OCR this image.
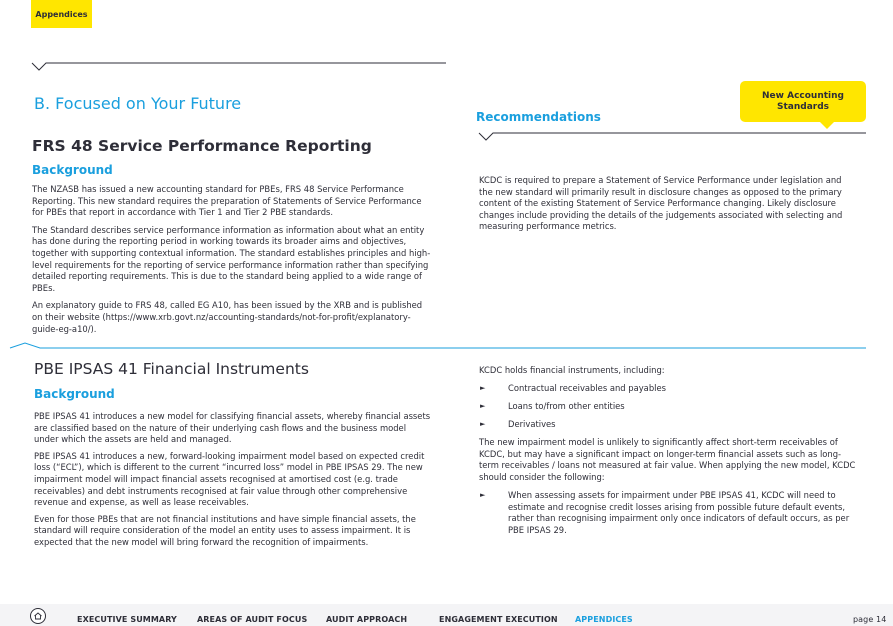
Appendices
B. Focused on Your Future
FRS 48 Service Performance Reporting
Background

The NZASB has issued a new accounting standard for PBEs, FRS 48 Service Performance Reporting. This new standard requires the preparation of Statements of Service Performance for PBEs that report in accordance with Tier 1 and Tier 2 PBE standards.

The Standard describes service performance information as information about what an entity has done during the reporting period in working towards its broader aims and objectives, together with supporting contextual information. The standard establishes principles and high-level requirements for the reporting of service performance information rather than specifying detailed reporting requirements. This is due to the standard being applied to a wide range of PBEs.

An explanatory guide to FRS 48, called EG A10, has been issued by the XRB and is published on their website (https://www.xrb.govt.nz/accounting-standards/not-for-profit/explanatory-guide-eg-a10/).

New Accounting Standards
Recommendations

KCDC is required to prepare a Statement of Service Performance under legislation and the new standard will primarily result in disclosure changes as opposed to the primary content of the existing Statement of Service Performance changing. Likely disclosure changes include providing the details of the judgements associated with selecting and measuring performance metrics.

PBE IPSAS 41 Financial Instruments
Background

PBE IPSAS 41 introduces a new model for classifying financial assets, whereby financial assets are classified based on the nature of their underlying cash flows and the business model under which the assets are held and managed.

PBE IPSAS 41 introduces a new, forward-looking impairment model based on expected credit loss (“ECL”), which is different to the current “incurred loss” model in PBE IPSAS 29. The new impairment model will impact financial assets recognised at amortised cost (e.g. trade receivables) and debt instruments recognised at fair value through other comprehensive revenue and expense, as well as lease receivables.

Even for those PBEs that are not financial institutions and have simple financial assets, the standard will require consideration of the model an entity uses to assess impairment. It is expected that the new model will bring forward the recognition of impairments.

KCDC holds financial instruments, including:
►	Contractual receivables and payables
►	Loans to/from other entities
►	Derivatives

The new impairment model is unlikely to significantly affect short-term receivables of KCDC, but may have a significant impact on longer-term financial assets such as long-term receivables / loans not measured at fair value. When applying the new model, KCDC should consider the following:

►	When assessing assets for impairment under PBE IPSAS 41, KCDC will need to estimate and recognise credit losses arising from possible future default events, rather than recognising impairment only once indicators of default occurs, as per PBE IPSAS 29.
EXECUTIVE SUMMARY	AREAS OF AUDIT FOCUS AUDIT APPROACH	ENGAGEMENT EXECUTION APPENDICES	page 14
